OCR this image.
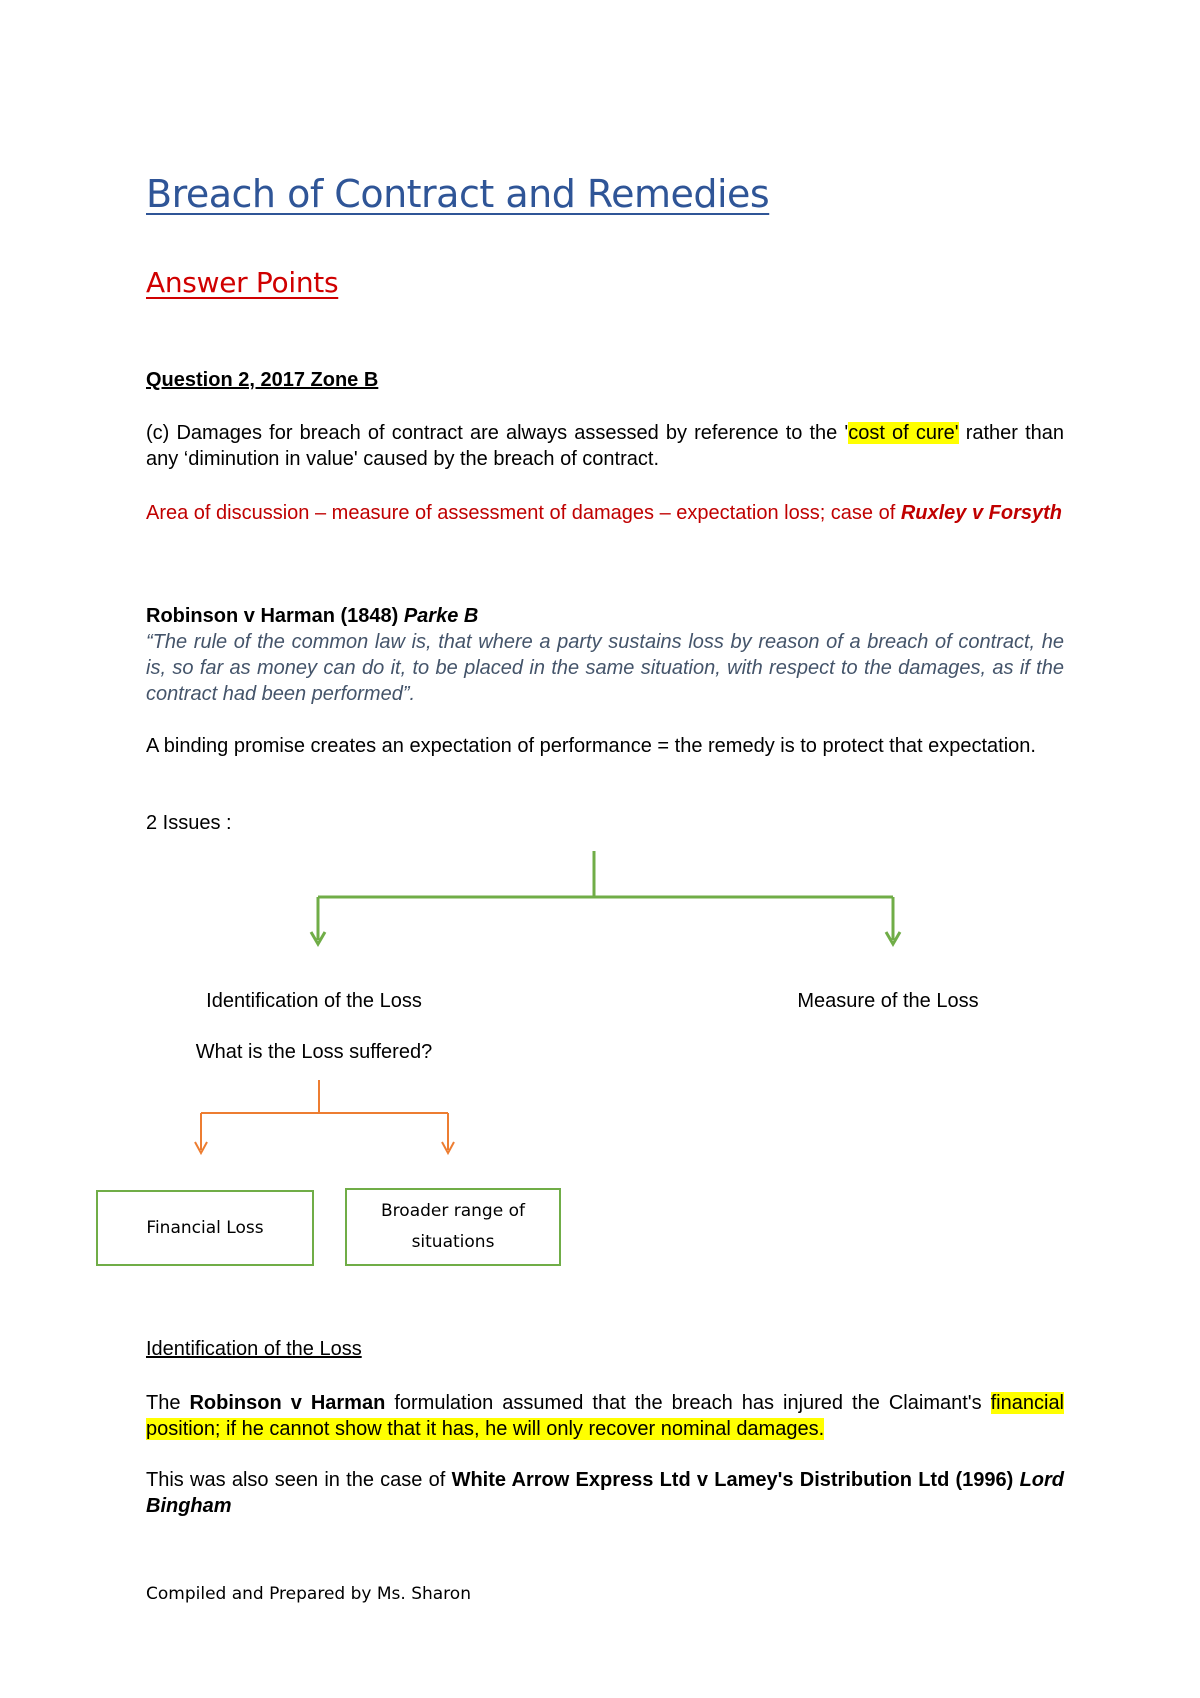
Breach of Contract and Remedies
Answer Points
Question 2, 2017 Zone B
(c) Damages for breach of contract are always assessed by reference to the 'cost of cure' rather than any ‘diminution in value' caused by the breach of contract.
Area of discussion – measure of assessment of damages – expectation loss; case of Ruxley v Forsyth
Robinson v Harman (1848) Parke B
“The rule of the common law is, that where a party sustains loss by reason of a breach of contract, he is, so far as money can do it, to be placed in the same situation, with respect to the damages, as if the contract had been performed”.
A binding promise creates an expectation of performance = the remedy is to protect that expectation.
2 Issues :
Identification of the Loss	Measure of the Loss
What is the Loss suffered?
Financial Loss
Broader range of situations
Identification of the Loss
The Robinson v Harman formulation assumed that the breach has injured the Claimant's financial position; if he cannot show that it has, he will only recover nominal damages.
This was also seen in the case of White Arrow Express Ltd v Lamey's Distribution Ltd (1996) Lord Bingham
Compiled and Prepared by Ms. Sharon
